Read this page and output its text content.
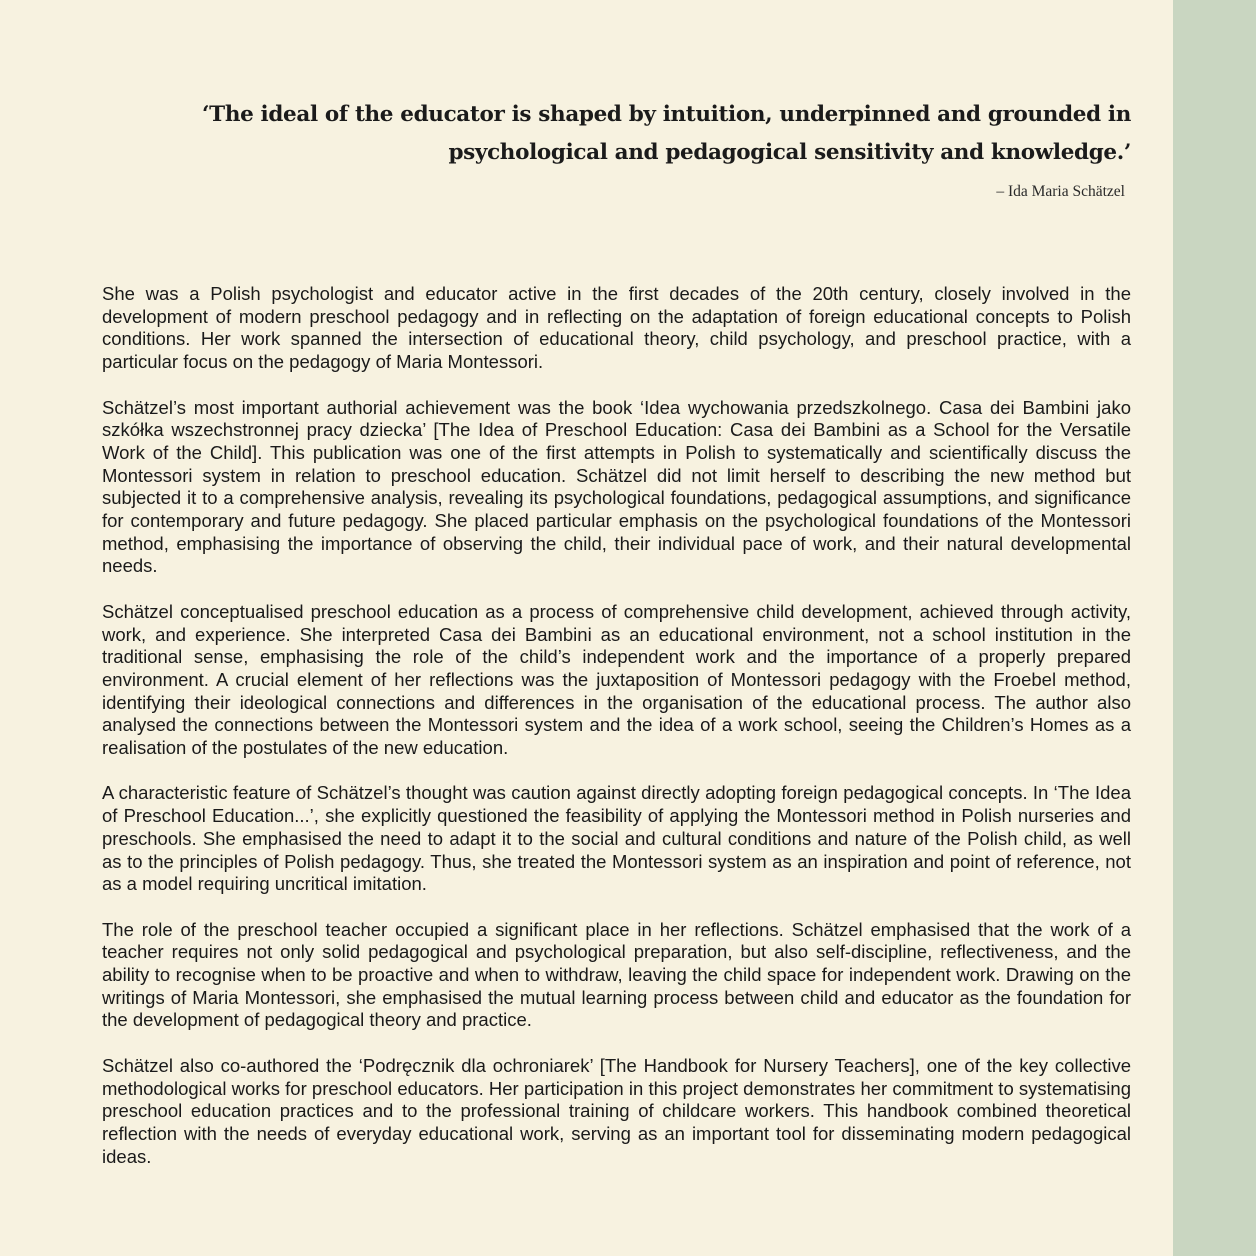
‘The ideal of the educator is shaped by intuition, underpinned and grounded in psychological and pedagogical sensitivity and knowledge.’

– Ida Maria Schätzel

She was a Polish psychologist and educator active in the first decades of the 20th century, closely involved in the development of modern preschool pedagogy and in reflecting on the adaptation of foreign educational concepts to Polish conditions. Her work spanned the intersection of educational theory, child psychology, and preschool practice, with a particular focus on the pedagogy of Maria Montessori.

Schätzel’s most important authorial achievement was the book ‘Idea wychowania przedszkolnego. Casa dei Bambini jako szkółka wszechstronnej pracy dziecka’ [The Idea of Preschool Education: Casa dei Bambini as a School for the Versatile Work of the Child]. This publication was one of the first attempts in Polish to systematically and scientifically discuss the Montessori system in relation to preschool education. Schätzel did not limit herself to describing the new method but subjected it to a comprehensive analysis, revealing its psychological foundations, pedagogical assumptions, and significance for contemporary and future pedagogy. She placed particular emphasis on the psychological foundations of the Montessori method, emphasising the importance of observing the child, their individual pace of work, and their natural developmental needs.

Schätzel conceptualised preschool education as a process of comprehensive child development, achieved through activity, work, and experience. She interpreted Casa dei Bambini as an educational environment, not a school institution in the traditional sense, emphasising the role of the child’s independent work and the importance of a properly prepared environment. A crucial element of her reflections was the juxtaposition of Montessori pedagogy with the Froebel method, identifying their ideological connections and differences in the organisation of the educational process. The author also analysed the connections between the Montessori system and the idea of a work school, seeing the Children’s Homes as a realisation of the postulates of the new education.

A characteristic feature of Schätzel’s thought was caution against directly adopting foreign pedagogical concepts. In ‘The Idea of Preschool Education...’, she explicitly questioned the feasibility of applying the Montessori method in Polish nurseries and preschools. She emphasised the need to adapt it to the social and cultural conditions and nature of the Polish child, as well as to the principles of Polish pedagogy. Thus, she treated the Montessori system as an inspiration and point of reference, not as a model requiring uncritical imitation.

The role of the preschool teacher occupied a significant place in her reflections. Schätzel emphasised that the work of a teacher requires not only solid pedagogical and psychological preparation, but also self-discipline, reflectiveness, and the ability to recognise when to be proactive and when to withdraw, leaving the child space for independent work. Drawing on the writings of Maria Montessori, she emphasised the mutual learning process between child and educator as the foundation for the development of pedagogical theory and practice.

Schätzel also co-authored the ‘Podręcznik dla ochroniarek’ [The Handbook for Nursery Teachers], one of the key collective methodological works for preschool educators. Her participation in this project demonstrates her commitment to systematising preschool education practices and to the professional training of childcare workers. This handbook combined theoretical reflection with the needs of everyday educational work, serving as an important tool for disseminating modern pedagogical ideas.
